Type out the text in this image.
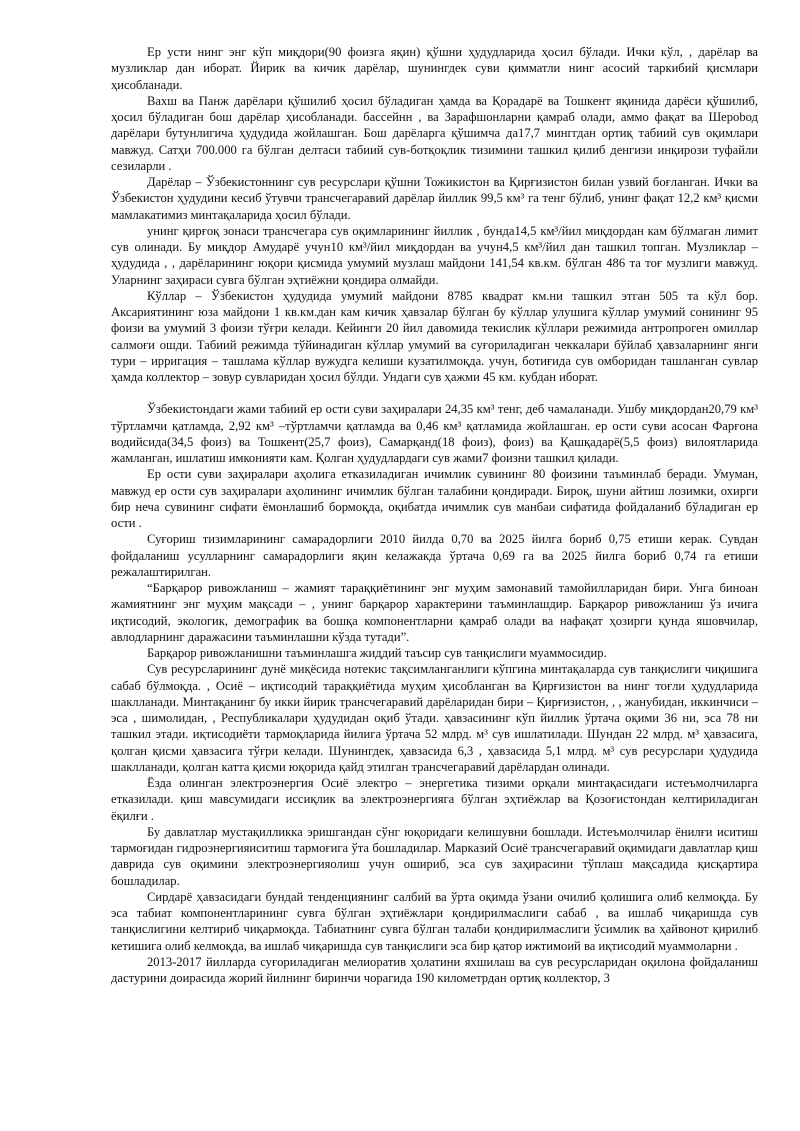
Ер усти нинг энг кўп миқдори(90 фоизга яқин) қўшни ҳудудларида ҳосил бўлади. Ички кўл, , дарёлар ва музликлар дан иборат. Йирик ва кичик дарёлар, шунингдек суви қимматли нинг асосий таркибий қисмлари ҳисобланади.

Вахш ва Панж дарёлари қўшилиб ҳосил бўладиган ҳамда ва Қорадарё ва Тошкент яқинида дарёси қўшилиб, ҳосил бўладиган бош дарёлар ҳисобланади. бассейнн , ва Зарафшонларни қамраб олади, аммо фақат ва Шерobод дарёлари бутунлигича ҳудудида жойлашган. Бош дарёларга қўшимча да17,7 минггдан ортиқ табиий сув оқимлари мавжуд. Сатҳи 700.000 га бўлган делтаси табиий сув-ботқоқлик тизимини ташкил қилиб денгизи инқирози туфайли сезиларли .

Дарёлар – Ўзбекистоннинг сув ресурслари қўшни Тожикистон ва Қирғизистон билан узвий боғланган. Ички ва Ўзбекистон ҳудудини кесиб ўтувчи трансчегаравий дарёлар йиллик 99,5 км³ га тенг бўлиб, унинг фақат 12,2 км³ қисми мамлакатимиз минтақаларида ҳосил бўлади.

унинг қирғоқ зонаси трансчегара сув оқимларининг йиллик , бунда14,5 км³/йил миқдордан кам бўлмаган лимит сув олинади. Бу миқдор Амударё учун10 км³/йил миқдордан ва учун4,5 км³/йил дан ташкил топган. Музликлар – ҳудудида , , дарёларининг юқори қисмида умумий музлаш майдони 141,54 кв.км. бўлган 486 та тоғ музлиги мавжуд. Уларнинг заҳираси сувга бўлган эҳтиёжни қондира олмайди.

Кўллар – Ўзбекистон ҳудудида умумий майдони 8785 квадрат км.ни ташкил этган 505 та кўл бор. Аксариятининг юза майдони 1 кв.км.дан кам кичик ҳавзалар бўлган бу кўллар улушига кўллар умумий сонининг 95 фоизи ва умумий 3 фоизи тўғри келади. Кейинги 20 йил давомида текислик кўллари режимида антропроген омиллар салмоғи ошди. Табиий режимда тўйинадиган кўллар умумий ва суғориладиган чеккалари бўйлаб ҳавзаларнинг янги тури – ирригация – ташлама кўллар вужудга келиши кузатилмоқда. учун, ботиғида сув омборидан ташланган сувлар ҳамда коллектор – зовур сувларидан ҳосил бўлди. Ундаги сув ҳажми 45 км. кубдан иборат.

Ўзбекистондаги жами табиий ер ости суви заҳиралари 24,35 км³ тенг, деб чамаланади. Ушбу миқдордан20,79 км³ тўртламчи қатламда, 2,92 км³ –тўртламчи қатламда ва 0,46 км³ қатламида жойлашган. ер ости суви асосан Фарғона водийсида(34,5 фоиз) ва Тошкент(25,7 фоиз), Самарқанд(18 фоиз), фоиз) ва Қашқадарё(5,5 фоиз) вилоятларида жамланган, ишлатиш имконияти кам. Қолган ҳудудлардаги сув жами7 фоизни ташкил қилади.

Ер ости суви заҳиралари аҳолига етказиладиган ичимлик сувининг 80 фоизини таъминлаб беради. Умуман, мавжуд ер ости сув заҳиралари аҳолининг ичимлик бўлган талабини қондиради. Бироқ, шуни айтиш лозимки, охирги бир неча сувининг сифати ёмонлашиб бормоқда, оқибатда ичимлик сув манбаи сифатида фойдаланиб бўладиган ер ости .

Суғориш тизимларининг самарадорлиги 2010 йилда 0,70 ва 2025 йилга бориб 0,75 етиши керак. Сувдан фойдаланиш усулларнинг самарадорлиги яқин келажакда ўртача 0,69 га ва 2025 йилга бориб 0,74 га етиши режалаштирилган.

“Барқарор ривожланиш – жамият тараққиётининг энг муҳим замонавий тамойилларидан бири. Унга биноан жамиятнинг энг муҳим мақсади – , унинг барқарор характерини таъминлашдир. Барқарор ривожланиш ўз ичига иқтисодий, экологик, демографик ва бошқа компонентларни қамраб олади ва нафақат ҳозирги қунда яшовчилар, авлодларнинг даражасини таъминлашни кўзда тутади”.

Барқарор ривожланишни таъминлашга жиддий таъсир сув танқислиги муаммосидир.

Сув ресурсларининг дунё миқёсида нотекис тақсимланганлиги кўпгина минтақаларда сув танқислиги чиқишига сабаб бўлмоқда. , Осиё – иқтисодий тараққиётида муҳим ҳисобланган ва Қирғизистон ва нинг тоғли ҳудудларида шаклланади. Минтақанинг бу икки йирик трансчегаравий дарёларидан бири – Қирғизистон, , , жанубидан, иккинчиси – эса , шимолидан, , Республикалари ҳудудидан оқиб ўтади. ҳавзасининг кўп йиллик ўртача оқими 36 ни, эса 78 ни ташкил этади. иқтисодиёти тармоқларида йилига ўртача 52 млрд. м³ сув ишлатилади. Шундан 22 млрд. м³ ҳавзасига, қолган қисми ҳавзасига тўғри келади. Шунингдек, ҳавзасида 6,3 , ҳавзасида 5,1 млрд. м³ сув ресурслари ҳудудида шаклланади, қолган катта қисми юқорида қайд этилган трансчегаравий дарёлардан олинади.

Ёзда олинган электроэнергия Осиё электро – энергетика тизими орқали минтақасидаги истеъмолчиларга етказилади. қиш мавсумидаги иссиқлик ва электроэнергияга бўлган эҳтиёжлар ва Қозоғистондан келтириладиган ёқилғи .

Бу давлатлар мустақилликка эришгандан сўнг юқоридаги келишувни бошлади. Истеъмолчилар ёнилғи иситиш тармоғидан гидроэнергияиситиш тармоғига ўта бошладилар. Марказий Осиё трансчегаравий оқимидаги давлатлар қиш даврида сув оқимини электроэнергияолиш учун ошириб, эса сув заҳирасини тўплаш мақсадида қисқартира бошладилар.

Сирдарё ҳавзасидаги бундай тенденциянинг салбий ва ўрта оқимда ўзани очилиб қолишига олиб келмоқда. Бу эса табиат компонентларининг сувга бўлган эҳтиёжлари қондирилмаслиги сабаб , ва ишлаб чиқаришда сув танқислигини келтириб чиқармоқда. Табиатнинг сувга бўлган талаби қондирилмаслиги ўсимлик ва ҳайвонот қирилиб кетишига олиб келмоқда, ва ишлаб чиқаришда сув танқислиги эса бир қатор ижтимоий ва иқтисодий муаммоларни .

2013-2017 йилларда суғориладиган мелиоратив ҳолатини яхшилаш ва сув ресурсларидан оқилона фойдаланиш дастурини доирасида жорий йилнинг биринчи чорагида 190 километрдан ортиқ коллектор, 3
